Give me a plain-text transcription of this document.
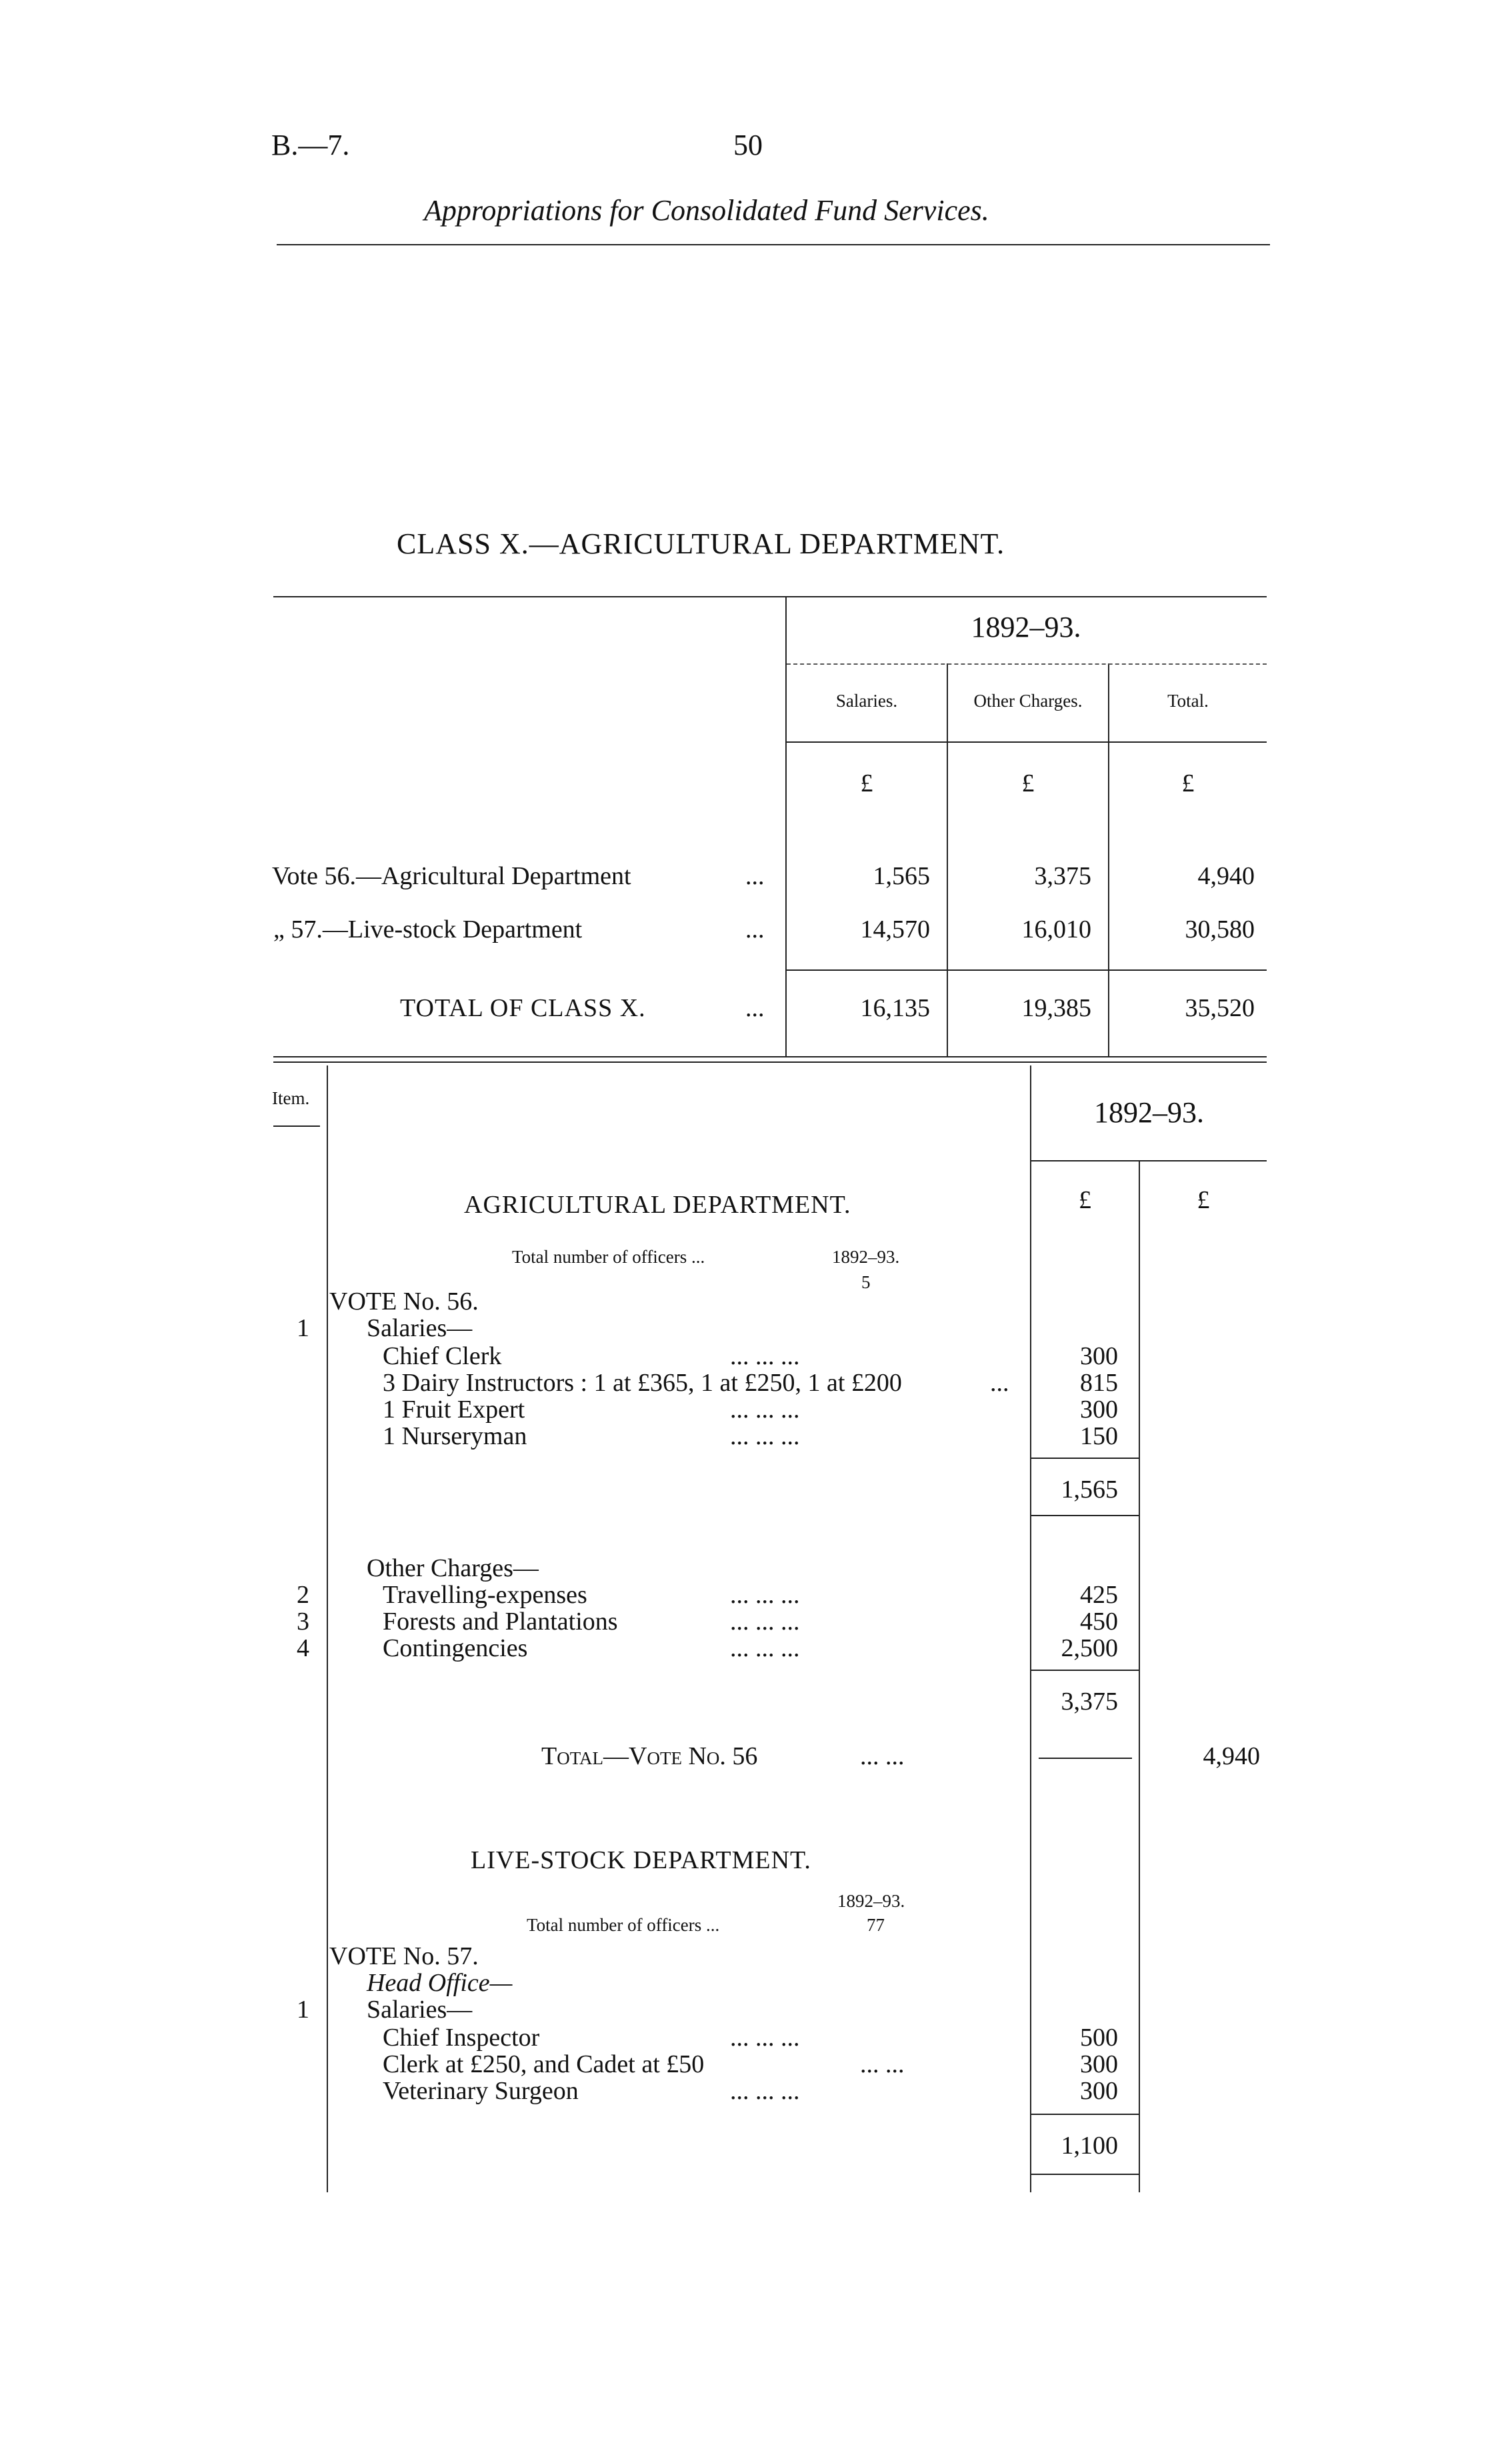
B.—7.	50
Appropriations for Consolidated Fund Services.
CLASS X.—AGRICULTURAL DEPARTMENT.
1892–93.
Salaries.	Other Charges.	Total.
£	£	£
Vote 56.—Agricultural Department	...	1,565	3,375	4,940
„ 57.—Live-stock Department	...	14,570	16,010	30,580
TOTAL OF CLASS X.	...	16,135	19,385	35,520
Item.	1892–93.
£	£
AGRICULTURAL DEPARTMENT.
Total number of officers ...	1892–93.
5
VOTE No. 56.
1 Salaries—
Chief Clerk	... ... ...	300
3 Dairy Instructors : 1 at £365, 1 at £250, 1 at £200	...	815
1 Fruit Expert	... ... ...	300
1 Nurseryman	... ... ...	150
1,565
Other Charges—
2	Travelling-expenses	... ... ...	425
3	Forests and Plantations	... ... ...	450
4	Contingencies	... ... ...	2,500
3,375
Total—Vote No. 56	... ...	4,940
LIVE-STOCK DEPARTMENT.
1892–93.
Total number of officers ...	77
VOTE No. 57.
Head Office—
1 Salaries—
Chief Inspector	... ... ...	500
Clerk at £250, and Cadet at £50	... ...	300
Veterinary Surgeon	... ... ...	300
1,100
